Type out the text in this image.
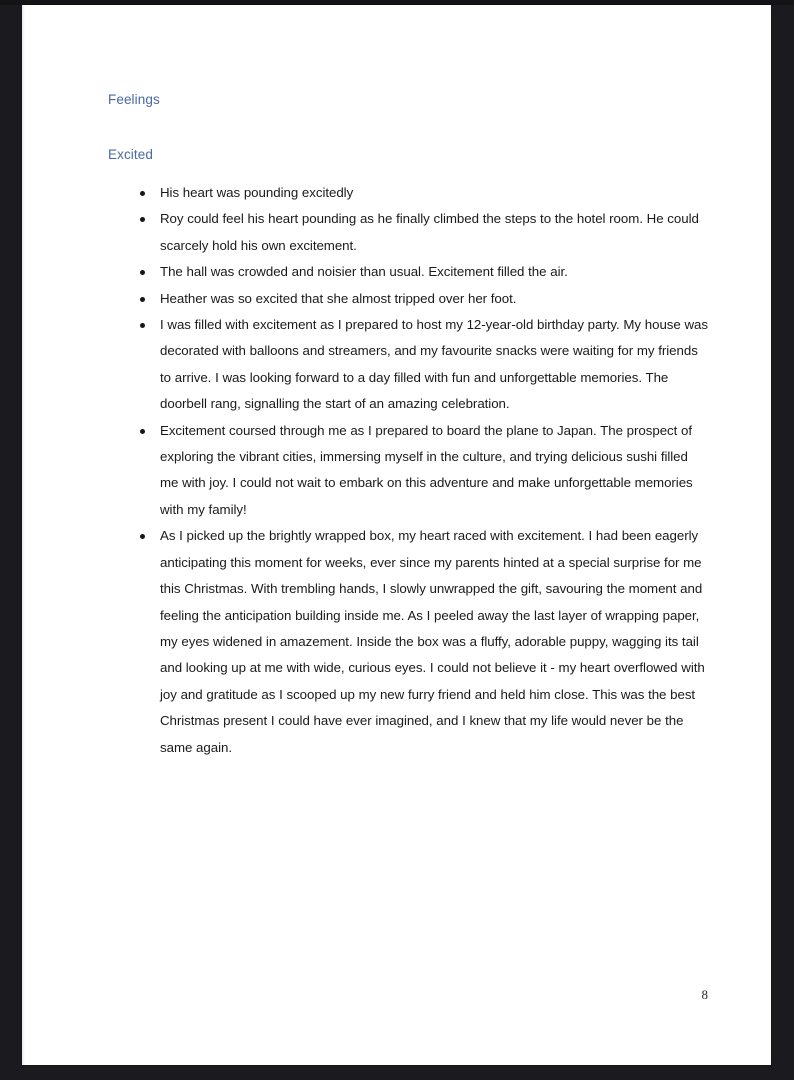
Feelings

Excited

His heart was pounding excitedly
Roy could feel his heart pounding as he finally climbed the steps to the hotel room. He could scarcely hold his own excitement.
The hall was crowded and noisier than usual. Excitement filled the air.
Heather was so excited that she almost tripped over her foot.
I was filled with excitement as I prepared to host my 12-year-old birthday party. My house was decorated with balloons and streamers, and my favourite snacks were waiting for my friends to arrive. I was looking forward to a day filled with fun and unforgettable memories. The doorbell rang, signalling the start of an amazing celebration.
Excitement coursed through me as I prepared to board the plane to Japan. The prospect of exploring the vibrant cities, immersing myself in the culture, and trying delicious sushi filled me with joy. I could not wait to embark on this adventure and make unforgettable memories with my family!
As I picked up the brightly wrapped box, my heart raced with excitement. I had been eagerly anticipating this moment for weeks, ever since my parents hinted at a special surprise for me this Christmas. With trembling hands, I slowly unwrapped the gift, savouring the moment and feeling the anticipation building inside me. As I peeled away the last layer of wrapping paper, my eyes widened in amazement. Inside the box was a fluffy, adorable puppy, wagging its tail and looking up at me with wide, curious eyes. I could not believe it - my heart overflowed with joy and gratitude as I scooped up my new furry friend and held him close. This was the best Christmas present I could have ever imagined, and I knew that my life would never be the same again.
8
